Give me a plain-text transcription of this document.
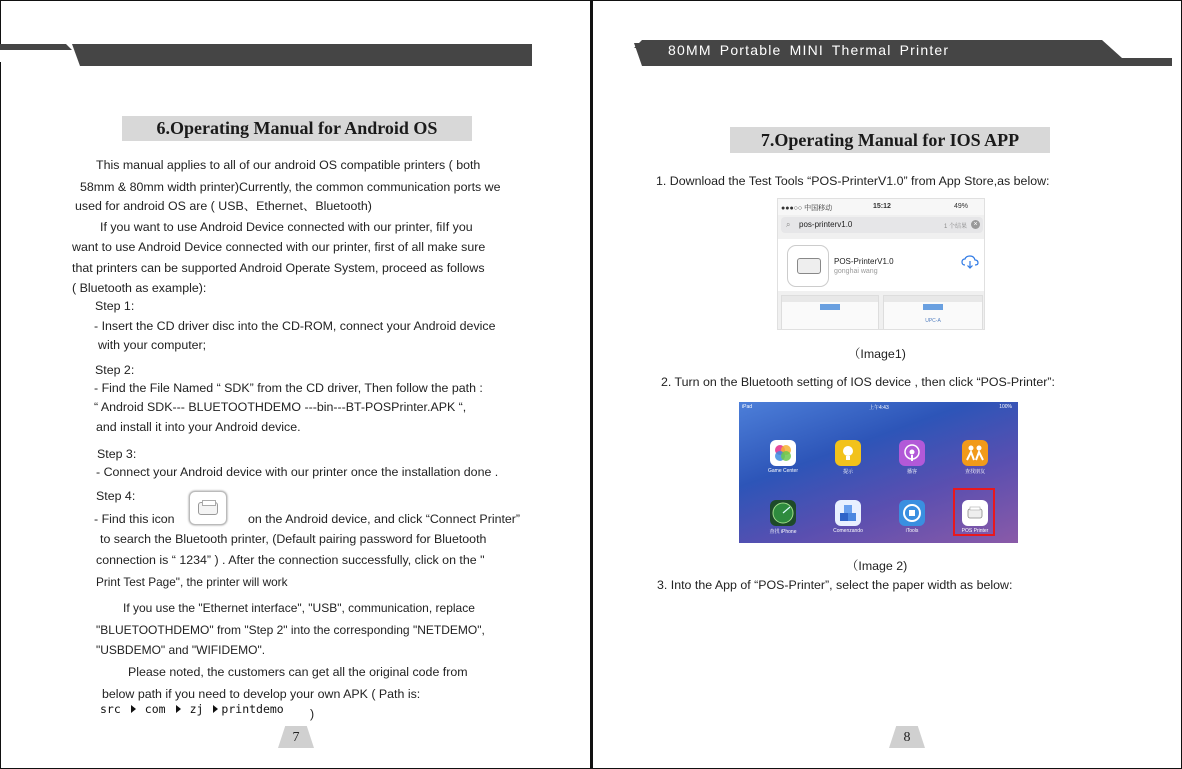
6.Operating Manual for Android OS
This manual applies to all of our android OS compatible printers ( both
58mm & 80mm width printer)Currently, the common communication ports we
used for android OS are ( USB、Ethernet、Bluetooth)
If you want to use Android Device connected with our printer, fiIf you
want to use Android Device connected with our printer, first of all make sure
that printers can be supported Android Operate System, proceed as follows
( Bluetooth as example):
Step 1:
- Insert the CD driver disc into the CD-ROM, connect your Android device
with your computer;
Step 2:
- Find the File Named “ SDK” from the CD driver, Then follow the path :
“ Android SDK--- BLUETOOTHDEMO ---bin---BT-POSPrinter.APK “,
and install it into your Android device.
Step 3:
- Connect your Android device with our printer once the installation done .
Step 4:
- Find this icon	on the Android device, and click “Connect Printer”
to search the Bluetooth printer, (Default pairing password for Bluetooth
connection is “ 1234” ) . After the connection successfully, click on the "
Print Test Page", the printer will work
If you use the "Ethernet interface", "USB", communication, replace
"BLUETOOTHDEMO" from "Step 2" into the corresponding "NETDEMO",
"USBDEMO" and "WIFIDEMO".
Please noted, the customers can get all the original code from
below path if you need to develop your own APK ( Path is:
src com zj printdemo )
7
80MM Portable MINI Thermal Printer
7.Operating Manual for IOS APP
1. Download the Test Tools “POS-PrinterV1.0” from App Store,as below:
●●●○○ 中国移动	15:12	49%
⌕ pos-printerv1.0	1 个结果 ×
POS-PrinterV1.0
gonghai wang
UPC-A
（Image1)
2. Turn on the Bluetooth setting of IOS device , then click “POS-Printer”:
iPad	上午4:43	100%
Game Center	提示	播客	查找朋友
查找 iPhone	Comenzando	iTools	POS Printer
（Image 2)
3. Into the App of “POS-Printer”, select the paper width as below:
8
